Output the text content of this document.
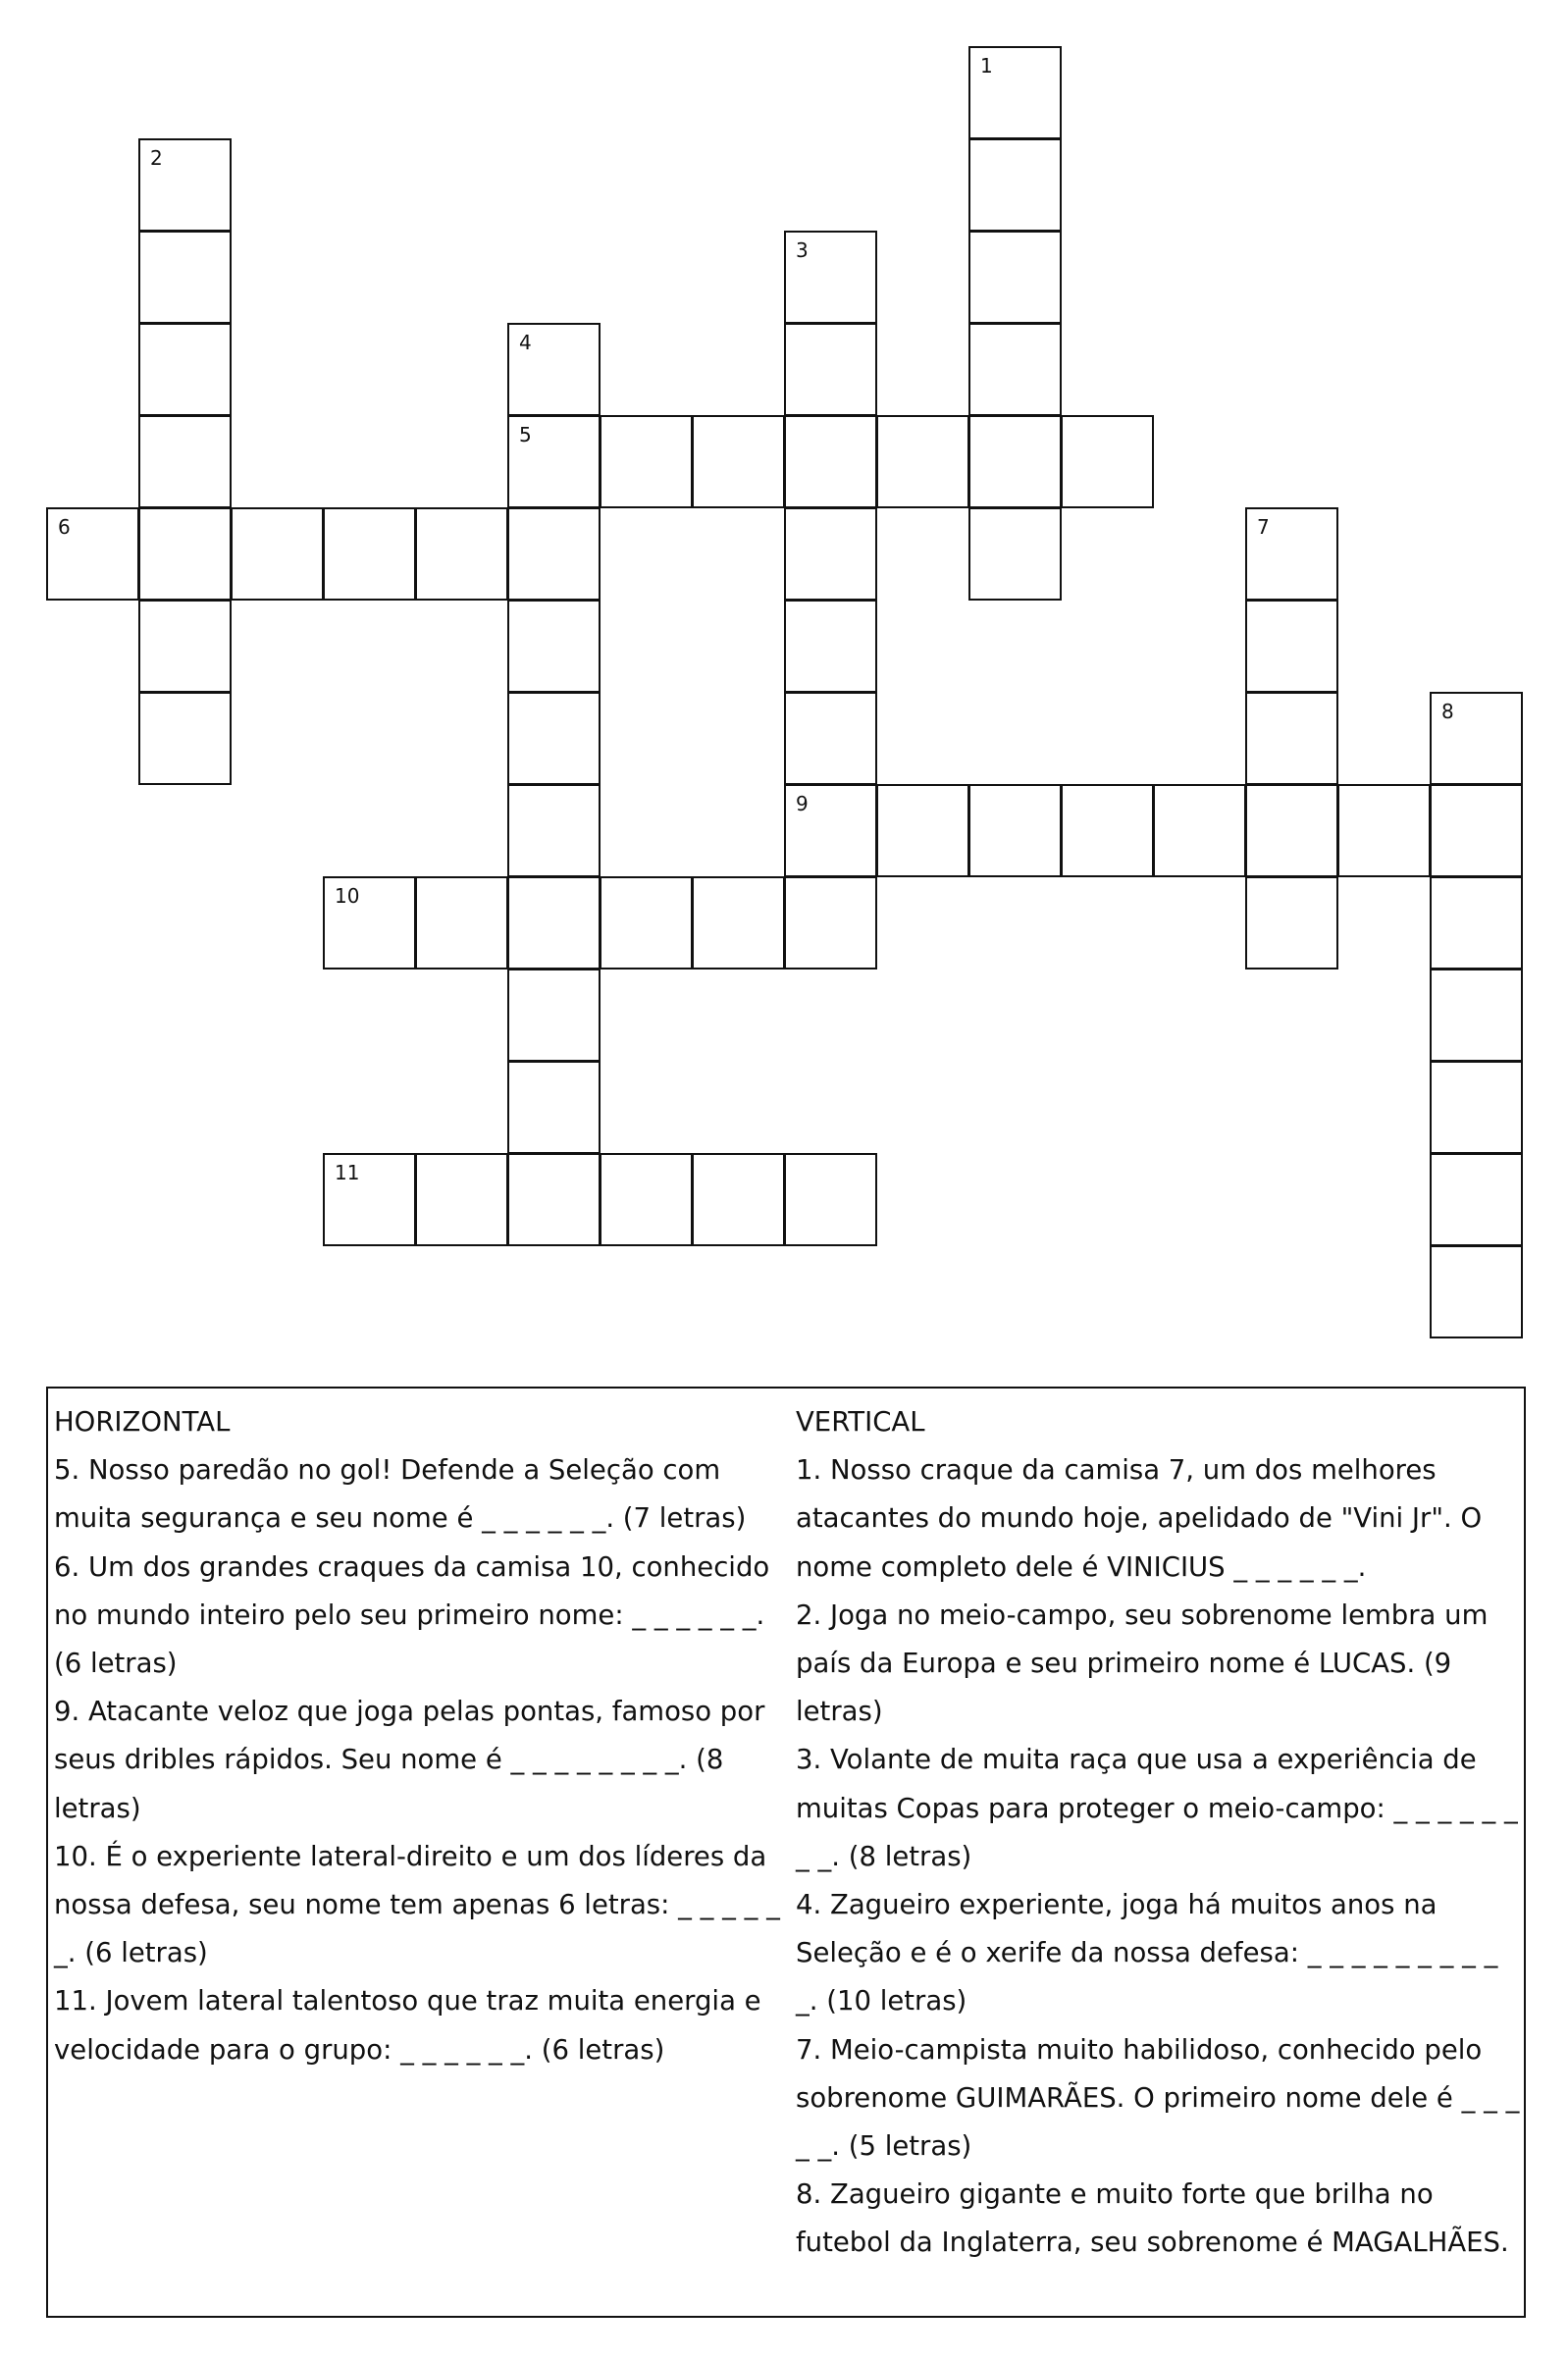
1
2
3
9
4
5
6	7
8
10
11

HORIZONTAL

5. Nosso paredão no gol! Defende a Seleção com muita segurança e seu nome é _ _ _ _ _ _. (7 letras)

6. Um dos grandes craques da camisa 10, conhecido no mundo inteiro pelo seu primeiro nome: _ _ _ _ _ _. (6 letras)

9. Atacante veloz que joga pelas pontas, famoso por seus dribles rápidos. Seu nome é _ _ _ _ _ _ _ _. (8 letras)

10. É o experiente lateral-direito e um dos líderes da nossa defesa, seu nome tem apenas 6 letras: _ _ _ _ _ _. (6 letras)

11. Jovem lateral talentoso que traz muita energia e velocidade para o grupo: _ _ _ _ _ _. (6 letras)

VERTICAL

1. Nosso craque da camisa 7, um dos melhores atacantes do mundo hoje, apelidado de "Vini Jr". O nome completo dele é VINICIUS _ _ _ _ _ _.

2. Joga no meio-campo, seu sobrenome lembra um país da Europa e seu primeiro nome é LUCAS. (9 letras)

3. Volante de muita raça que usa a experiência de muitas Copas para proteger o meio-campo: _ _ _ _ _ _ _ _. (8 letras)

4. Zagueiro experiente, joga há muitos anos na Seleção e é o xerife da nossa defesa: _ _ _ _ _ _ _ _ _ _. (10 letras)

7. Meio-campista muito habilidoso, conhecido pelo sobrenome GUIMARÃES. O primeiro nome dele é _ _ _ _ _. (5 letras)

8. Zagueiro gigante e muito forte que brilha no futebol da Inglaterra, seu sobrenome é MAGALHÃES.
